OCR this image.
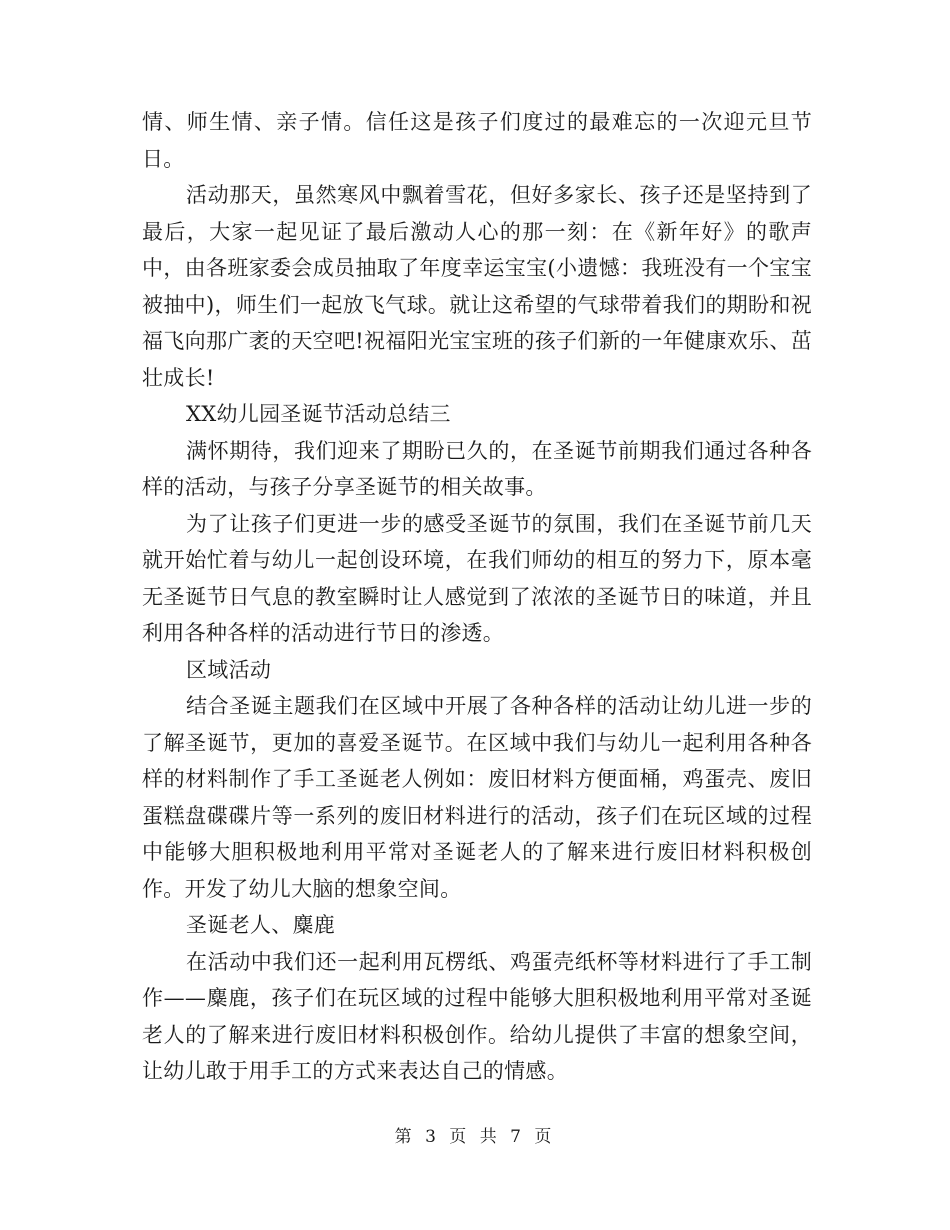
情、师生情、亲子情。信任这是孩子们度过的最难忘的一次迎元旦节日。

活动那天，虽然寒风中飘着雪花，但好多家长、孩子还是坚持到了最后，大家一起见证了最后激动人心的那一刻：在《新年好》的歌声中，由各班家委会成员抽取了年度幸运宝宝(小遗憾：我班没有一个宝宝被抽中)，师生们一起放飞气球。就让这希望的气球带着我们的期盼和祝福飞向那广袤的天空吧!祝福阳光宝宝班的孩子们新的一年健康欢乐、茁壮成长!

XX幼儿园圣诞节活动总结三

满怀期待，我们迎来了期盼已久的，在圣诞节前期我们通过各种各样的活动，与孩子分享圣诞节的相关故事。

为了让孩子们更进一步的感受圣诞节的氛围，我们在圣诞节前几天就开始忙着与幼儿一起创设环境，在我们师幼的相互的努力下，原本毫无圣诞节日气息的教室瞬时让人感觉到了浓浓的圣诞节日的味道，并且利用各种各样的活动进行节日的渗透。

区域活动

结合圣诞主题我们在区域中开展了各种各样的活动让幼儿进一步的了解圣诞节，更加的喜爱圣诞节。在区域中我们与幼儿一起利用各种各样的材料制作了手工圣诞老人例如：废旧材料方便面桶，鸡蛋壳、废旧蛋糕盘碟碟片等一系列的废旧材料进行的活动，孩子们在玩区域的过程中能够大胆积极地利用平常对圣诞老人的了解来进行废旧材料积极创作。开发了幼儿大脑的想象空间。

圣诞老人、麋鹿

在活动中我们还一起利用瓦楞纸、鸡蛋壳纸杯等材料进行了手工制作——麋鹿，孩子们在玩区域的过程中能够大胆积极地利用平常对圣诞老人的了解来进行废旧材料积极创作。给幼儿提供了丰富的想象空间，让幼儿敢于用手工的方式来表达自己的情感。

第 3 页 共 7 页
